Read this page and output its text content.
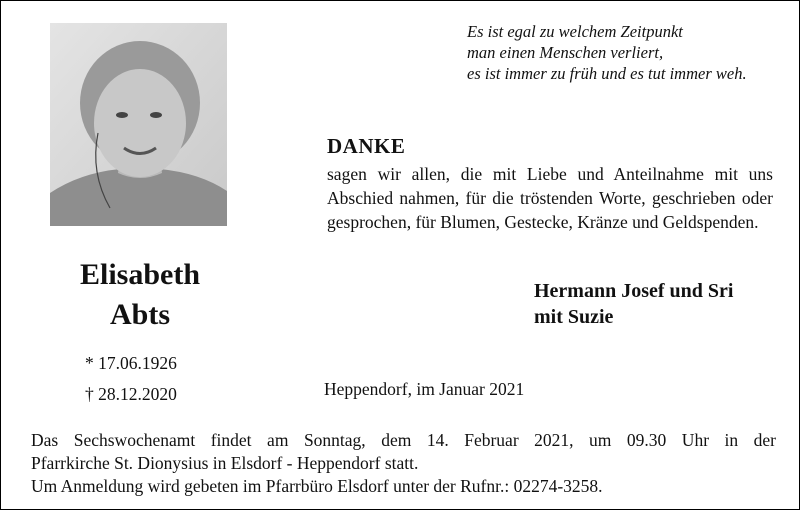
Es ist egal zu welchem Zeitpunkt
man einen Menschen verliert,
es ist immer zu früh und es tut immer weh.
DANKE
sagen wir allen, die mit Liebe und Anteilnahme mit uns Abschied nahmen, für die tröstenden Worte, geschrieben oder gesprochen, für Blumen, Gestecke, Kränze und Geldspenden.
Hermann Josef und Sri
mit Suzie
Elisabeth
Abts
* 17.06.1926
† 28.12.2020	Heppendorf, im Januar 2021
Das Sechswochenamt findet am Sonntag, dem 14. Februar 2021, um 09.30 Uhr in der
Pfarrkirche St. Dionysius in Elsdorf - Heppendorf statt.
Um Anmeldung wird gebeten im Pfarrbüro Elsdorf unter der Rufnr.: 02274-3258.
